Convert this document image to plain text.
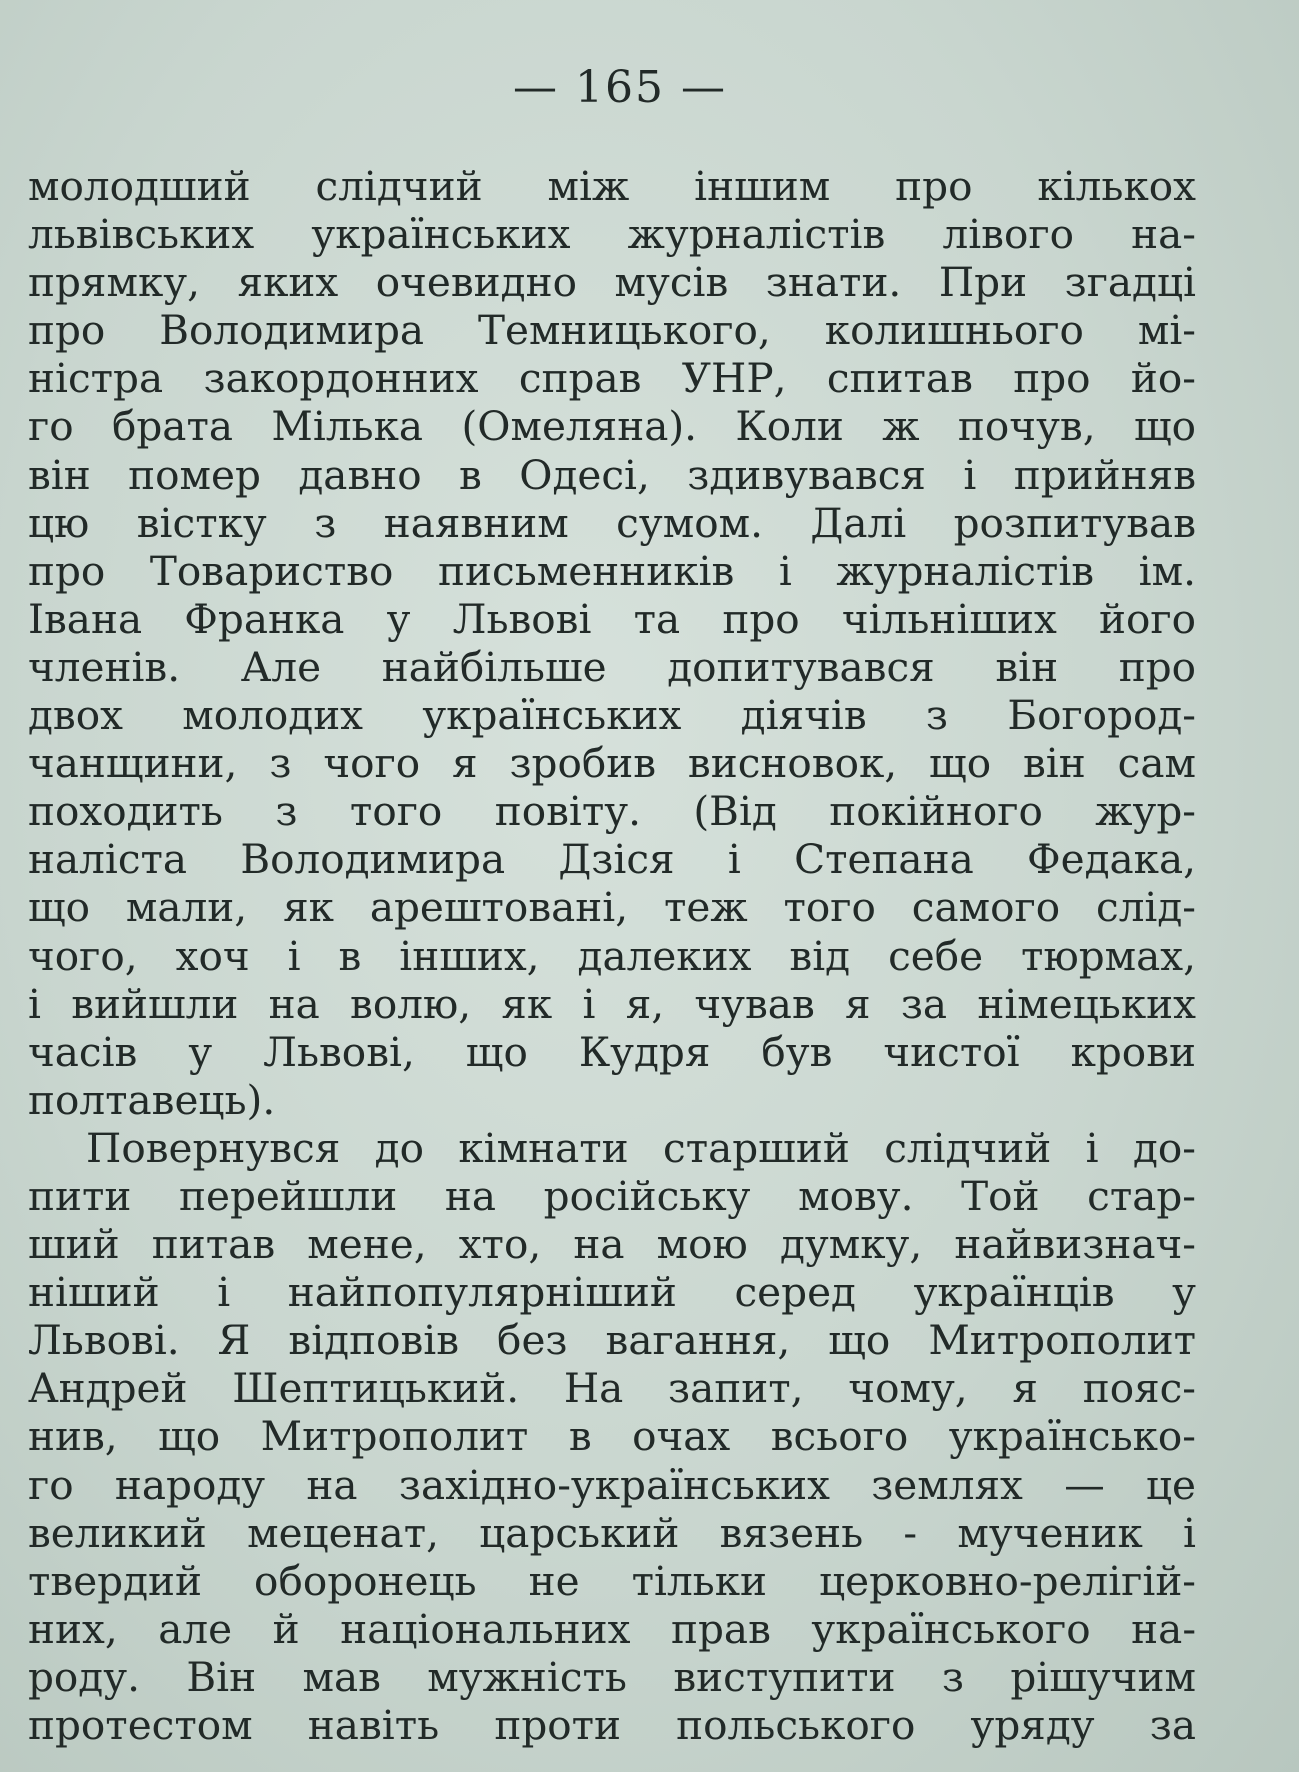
— 165 —
молодший слідчий між іншим про кількох
львівських українських журналістів лівого на-
прямку, яких очевидно мусів знати. При згадці
про Володимира Темницького, колишнього мі-
ністра закордонних справ УНР, спитав про йо-
го брата Мілька (Омеляна). Коли ж почув, що
він помер давно в Одесі, здивувався і прийняв
цю вістку з наявним сумом. Далі розпитував
про Товариство письменників і журналістів ім.
Івана Франка у Львові та про чільніших його
членів. Але найбільше допитувався він про
двох молодих українських діячів з Богород-
чанщини, з чого я зробив висновок, що він сам
походить з того повіту. (Від покійного жур-
наліста Володимира Дзіся і Степана Федака,
що мали, як арештовані, теж того самого слід-
чого, хоч і в інших, далеких від себе тюрмах,
і вийшли на волю, як і я, чував я за німецьких
часів у Львові, що Кудря був чистої крови
полтавець).
Повернувся до кімнати старший слідчий і до-
пити перейшли на російську мову. Той стар-
ший питав мене, хто, на мою думку, найвизнач-
ніший і найпопулярніший серед українців у
Львові. Я відповів без вагання, що Митрополит
Андрей Шептицький. На запит, чому, я пояс-
нив, що Митрополит в очах всього українсько-
го народу на західно-українських землях — це
великий меценат, царський вязень - мученик і
твердий оборонець не тільки церковно-релігій-
них, але й національних прав українського на-
роду. Він мав мужність виступити з рішучим
протестом навіть проти польського уряду за
